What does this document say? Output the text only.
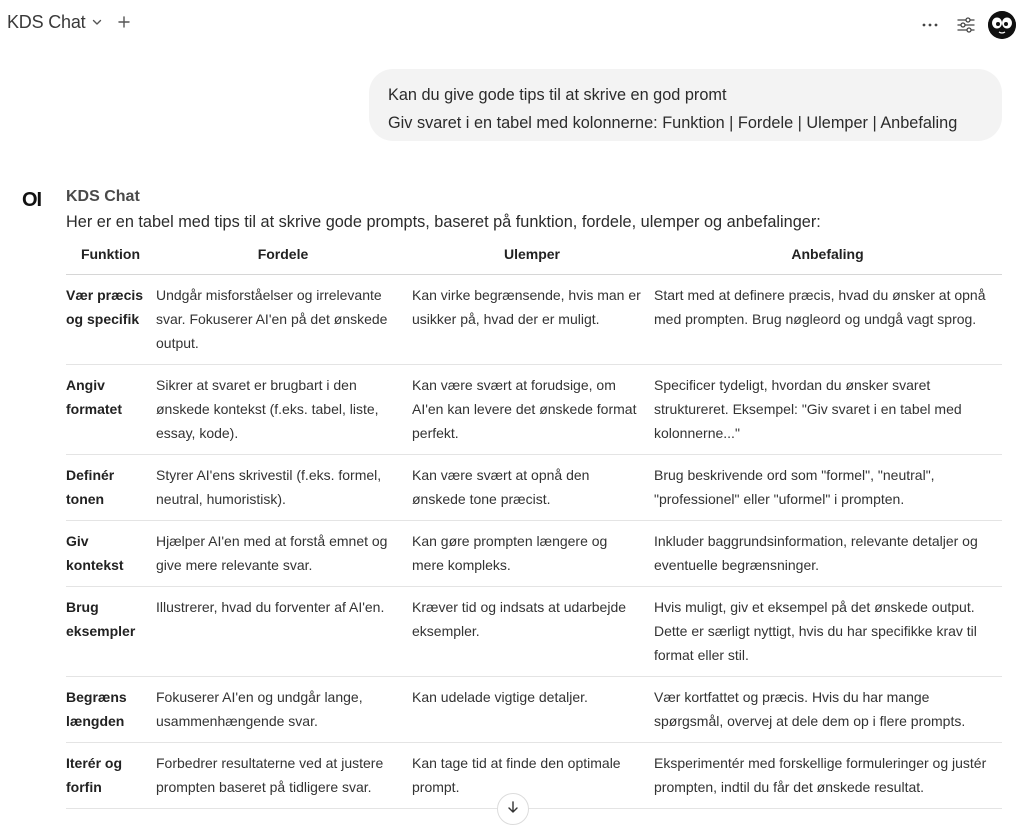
KDS Chat
Kan du give gode tips til at skrive en god promt
Giv svaret i en tabel med kolonnerne: Funktion | Fordele | Ulemper | Anbefaling
OI KDS Chat
Her er en tabel med tips til at skrive gode prompts, baseret på funktion, fordele, ulemper og anbefalinger:
Funktion	Fordele	Ulemper	Anbefaling
Vær præcis og specifik	Undgår misforståelser og irrelevante svar. Fokuserer AI'en på det ønskede output.	Kan virke begrænsende, hvis man er usikker på, hvad der er muligt.	Start med at definere præcis, hvad du ønsker at opnå med prompten. Brug nøgleord og undgå vagt sprog.
Angiv formatet	Sikrer at svaret er brugbart i den ønskede kontekst (f.eks. tabel, liste, essay, kode).	Kan være svært at forudsige, om AI'en kan levere det ønskede format perfekt.	Specificer tydeligt, hvordan du ønsker svaret struktureret. Eksempel: "Giv svaret i en tabel med kolonnerne..."
Definér tonen	Styrer AI'ens skrivestil (f.eks. formel, neutral, humoristisk).	Kan være svært at opnå den ønskede tone præcist.	Brug beskrivende ord som "formel", "neutral", "professionel" eller "uformel" i prompten.
Giv kontekst	Hjælper AI'en med at forstå emnet og give mere relevante svar.	Kan gøre prompten længere og mere kompleks.	Inkluder baggrundsinformation, relevante detaljer og eventuelle begrænsninger.
Brug eksempler	Illustrerer, hvad du forventer af AI'en.	Kræver tid og indsats at udarbejde eksempler.	Hvis muligt, giv et eksempel på det ønskede output. Dette er særligt nyttigt, hvis du har specifikke krav til format eller stil.
Begræns længden	Fokuserer AI'en og undgår lange, usammenhængende svar.	Kan udelade vigtige detaljer.	Vær kortfattet og præcis. Hvis du har mange spørgsmål, overvej at dele dem op i flere prompts.
Iterér og forfin	Forbedrer resultaterne ved at justere prompten baseret på tidligere svar.	Kan tage tid at finde den optimale prompt.	Eksperimentér med forskellige formuleringer og justér prompten, indtil du får det ønskede resultat.
